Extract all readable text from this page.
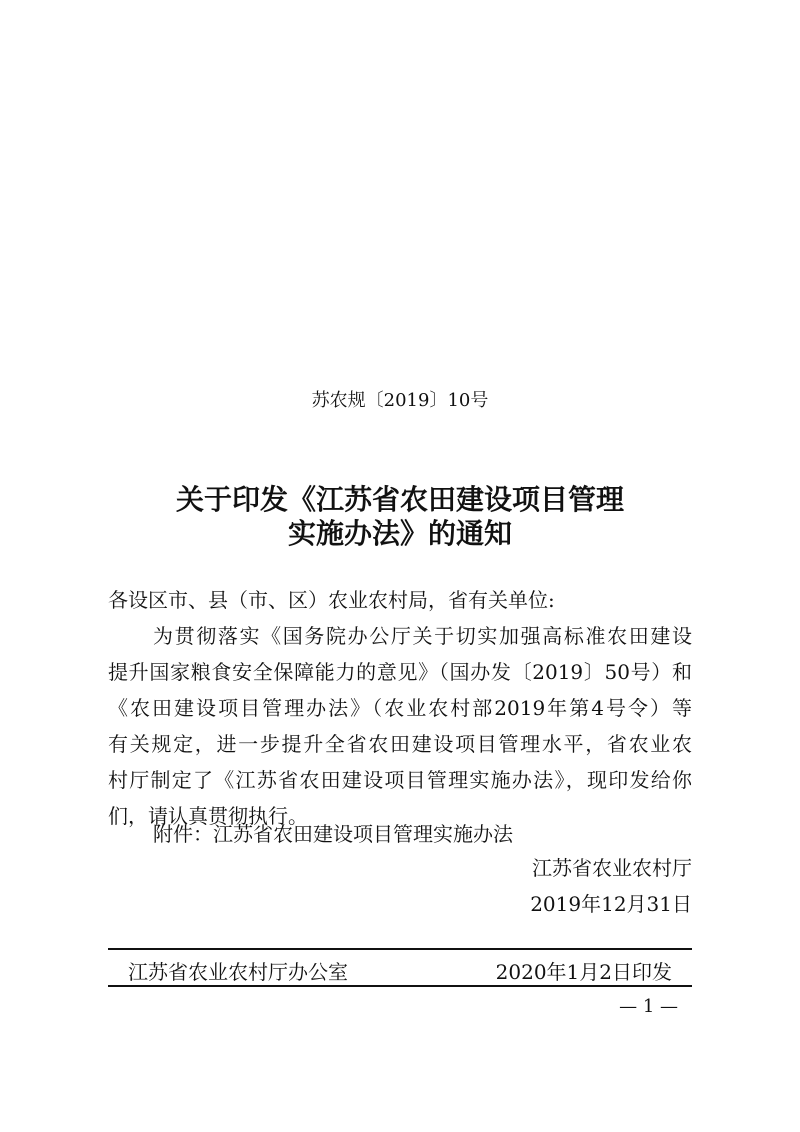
苏农规〔2019〕10号
关于印发《江苏省农田建设项目管理
实施办法》的通知
各设区市、县（市、区）农业农村局，省有关单位:
为贯彻落实《国务院办公厅关于切实加强高标准农田建设
提升国家粮食安全保障能力的意见》（国办发〔2019〕50号）和
《农田建设项目管理办法》（农业农村部2019年第4号令）等
有关规定，进一步提升全省农田建设项目管理水平，省农业农
村厅制定了《江苏省农田建设项目管理实施办法》，现印发给你
们，请认真贯彻执行。
附件：江苏省农田建设项目管理实施办法
江苏省农业农村厅
2019年12月31日
江苏省农业农村厅办公室	2020年1月2日印发
— 1 —
